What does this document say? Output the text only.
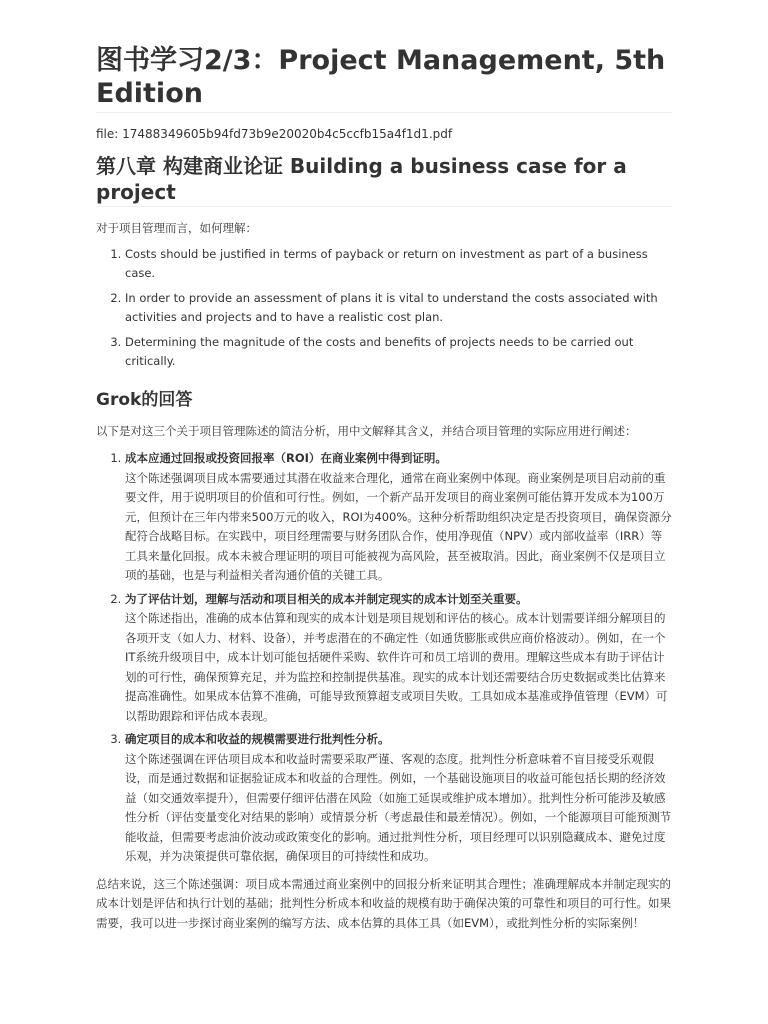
图书学习2/3：Project Management, 5th Edition
file: 17488349605b94fd73b9e20020b4c5ccfb15a4f1d1.pdf
第八章 构建商业论证 Building a business case for a project

对于项目管理而言，如何理解：

1. Costs should be justified in terms of payback or return on investment as part of a business case.
2. In order to provide an assessment of plans it is vital to understand the costs associated with activities and projects and to have a realistic cost plan.
3. Determining the magnitude of the costs and benefits of projects needs to be carried out critically.
Grok的回答

以下是对这三个关于项目管理陈述的简洁分析，用中文解释其含义，并结合项目管理的实际应用进行阐述：

1. 成本应通过回报或投资回报率（ROI）在商业案例中得到证明。
这个陈述强调项目成本需要通过其潜在收益来合理化，通常在商业案例中体现。商业案例是项目启动前的重要文件，用于说明项目的价值和可行性。例如，一个新产品开发项目的商业案例可能估算开发成本为100万元，但预计在三年内带来500万元的收入，ROI为400%。这种分析帮助组织决定是否投资项目，确保资源分配符合战略目标。在实践中，项目经理需要与财务团队合作，使用净现值（NPV）或内部收益率（IRR）等工具来量化回报。成本未被合理证明的项目可能被视为高风险，甚至被取消。因此，商业案例不仅是项目立项的基础，也是与利益相关者沟通价值的关键工具。
2. 为了评估计划，理解与活动和项目相关的成本并制定现实的成本计划至关重要。
这个陈述指出，准确的成本估算和现实的成本计划是项目规划和评估的核心。成本计划需要详细分解项目的各项开支（如人力、材料、设备），并考虑潜在的不确定性（如通货膨胀或供应商价格波动）。例如，在一个IT系统升级项目中，成本计划可能包括硬件采购、软件许可和员工培训的费用。理解这些成本有助于评估计划的可行性，确保预算充足，并为监控和控制提供基准。现实的成本计划还需要结合历史数据或类比估算来提高准确性。如果成本估算不准确，可能导致预算超支或项目失败。工具如成本基准或挣值管理（EVM）可以帮助跟踪和评估成本表现。
3. 确定项目的成本和收益的规模需要进行批判性分析。
这个陈述强调在评估项目成本和收益时需要采取严谨、客观的态度。批判性分析意味着不盲目接受乐观假设，而是通过数据和证据验证成本和收益的合理性。例如，一个基础设施项目的收益可能包括长期的经济效益（如交通效率提升），但需要仔细评估潜在风险（如施工延误或维护成本增加）。批判性分析可能涉及敏感性分析（评估变量变化对结果的影响）或情景分析（考虑最佳和最差情况）。例如，一个能源项目可能预测节能收益，但需要考虑油价波动或政策变化的影响。通过批判性分析，项目经理可以识别隐藏成本、避免过度乐观，并为决策提供可靠依据，确保项目的可持续性和成功。

总结来说，这三个陈述强调：项目成本需通过商业案例中的回报分析来证明其合理性；准确理解成本并制定现实的成本计划是评估和执行计划的基础；批判性分析成本和收益的规模有助于确保决策的可靠性和项目的可行性。如果需要，我可以进一步探讨商业案例的编写方法、成本估算的具体工具（如EVM），或批判性分析的实际案例！
